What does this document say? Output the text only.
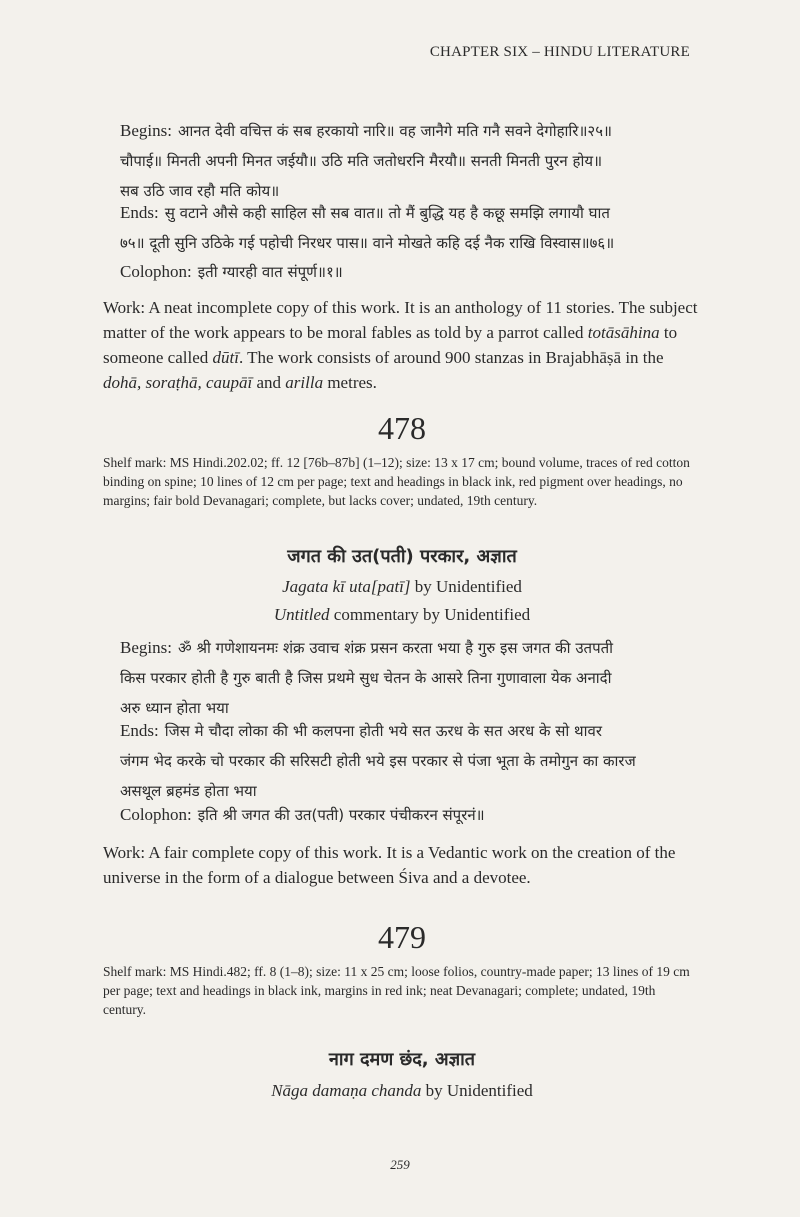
CHAPTER SIX – HINDU LITERATURE
Begins: आनत देवी वचित्त कं सब हरकायो नारि॥ वह जानैगे मति गनै सवने देगोहारि॥२५॥
चौपाई॥ मिनती अपनी मिनत जईयौ॥ उठि मति जतोधरनि मैरयौ॥ सनती मिनती पुरन होय॥
सब उठि जाव रहौ मति कोय॥
Ends: सु वटाने औसे कही साहिल सौ सब वात॥ तो मैं बुद्धि यह है कछू समझि लगायौ घात
७५॥ दूती सुनि उठिके गई पहोची निरधर पास॥ वाने मोखते कहि दई नैक राखि विस्वास॥७६॥
Colophon: इती ग्यारही वात संपूर्ण॥१॥
Work: A neat incomplete copy of this work. It is an anthology of 11 stories. The subject matter of the work appears to be moral fables as told by a parrot called totāsāhina to someone called dūtī. The work consists of around 900 stanzas in Brajabhāṣā in the dohā, soraṭhā, caupāī and arilla metres.
478
Shelf mark: MS Hindi.202.02; ff. 12 [76b–87b] (1–12); size: 13 x 17 cm; bound volume, traces of red cotton binding on spine; 10 lines of 12 cm per page; text and headings in black ink, red pigment over headings, no margins; fair bold Devanagari; complete, but lacks cover; undated, 19th century.
जगत की उत(पती) परकार, अज्ञात
Jagata kī uta[patī] by Unidentified
Untitled commentary by Unidentified
Begins: ॐ श्री गणेशायनमः शंक्र उवाच शंक्र प्रसन करता भया है गुरु इस जगत की उतपती
किस परकार होती है गुरु बाती है जिस प्रथमे सुध चेतन के आसरे तिना गुणावाला येक अनादी
अरु ध्यान होता भया
Ends: जिस मे चौदा लोका की भी कलपना होती भये सत ऊरध के सत अरध के सो थावर
जंगम भेद करके चो परकार की सरिसटी होती भये इस परकार से पंजा भूता के तमोगुन का कारज
असथूल ब्रहमंड होता भया
Colophon: इति श्री जगत की उत(पती) परकार पंचीकरन संपूरनं॥
Work: A fair complete copy of this work. It is a Vedantic work on the creation of the universe in the form of a dialogue between Śiva and a devotee.
479
Shelf mark: MS Hindi.482; ff. 8 (1–8); size: 11 x 25 cm; loose folios, country-made paper; 13 lines of 19 cm per page; text and headings in black ink, margins in red ink; neat Devanagari; complete; undated, 19th century.
नाग दमण छंद, अज्ञात
Nāga damaṇa chanda by Unidentified
259
